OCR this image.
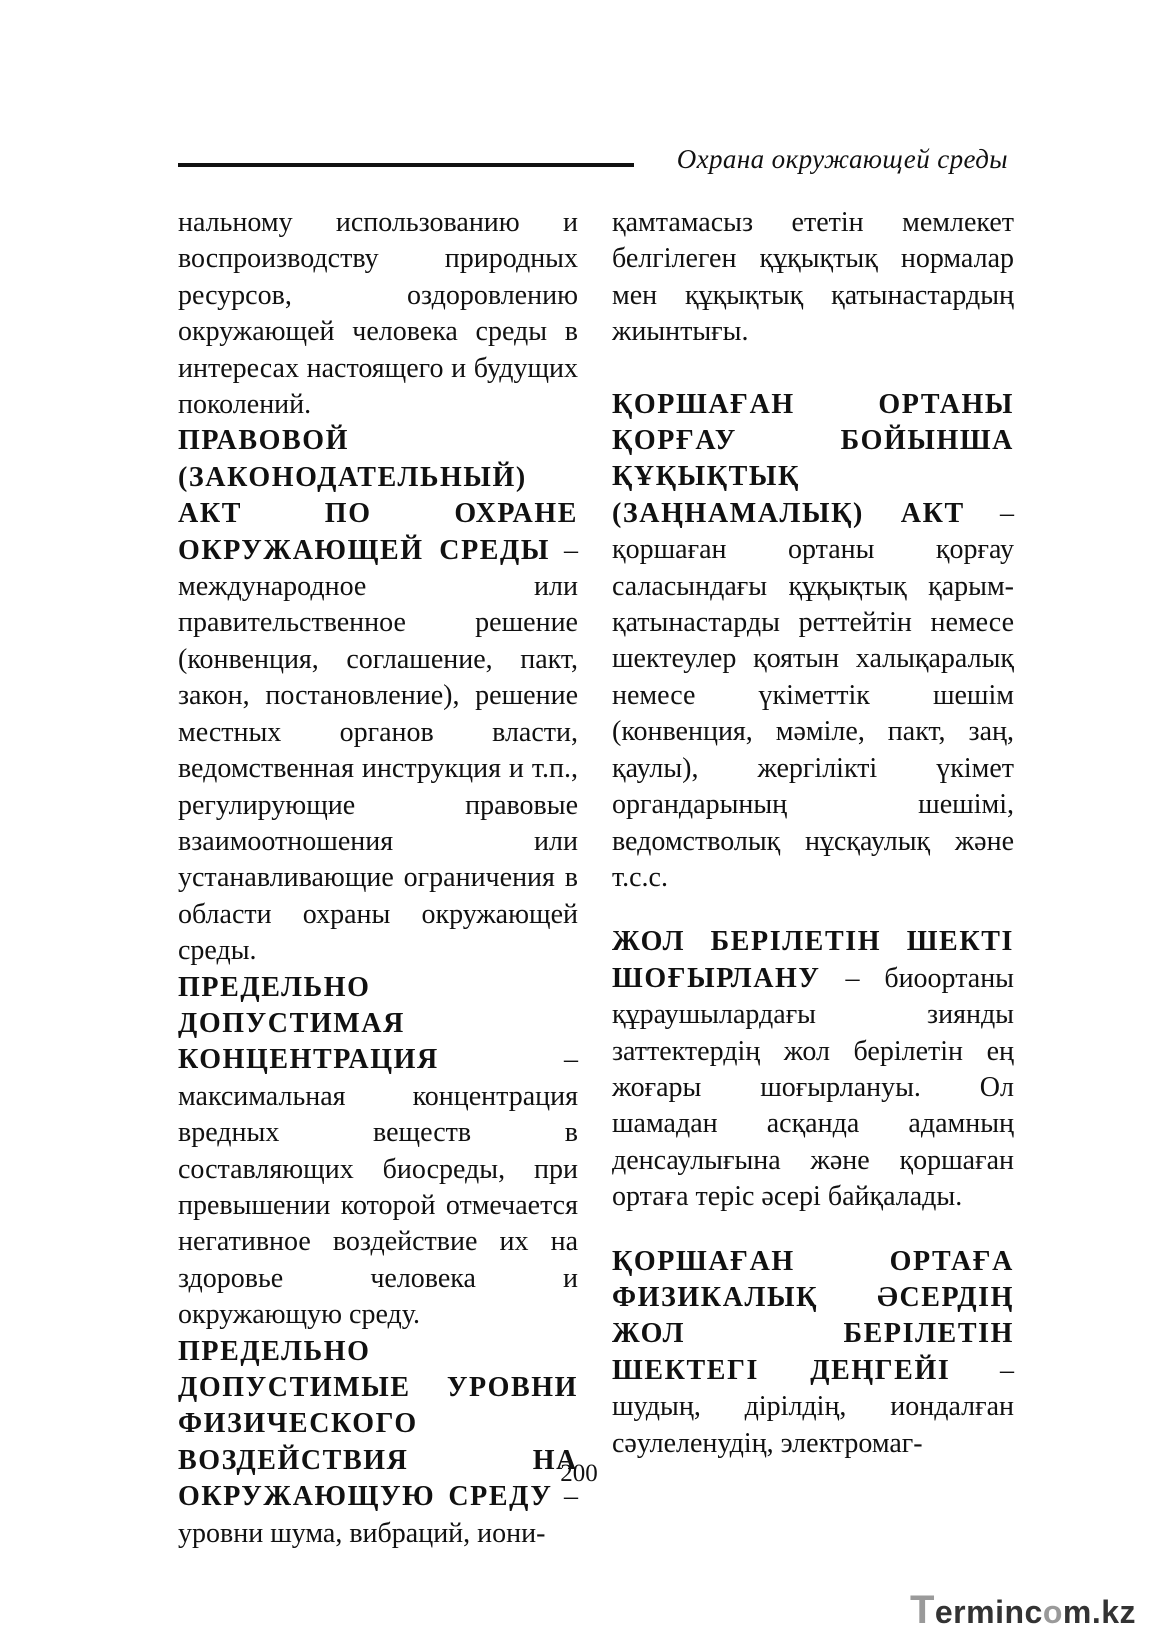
Охрана окружающей среды

нальному использованию и воспроизводству природных ресурсов, оздоровлению окружающей человека среды в интересах настоящего и будущих поколений.

ПРАВОВОЙ (ЗАКОНОДАТЕЛЬНЫЙ) АКТ ПО ОХРАНЕ ОКРУЖАЮЩЕЙ СРЕДЫ – международное или правительственное решение (конвенция, соглашение, пакт, закон, постановление), решение местных органов власти, ведомственная инструкция и т.п., регулирующие правовые взаимоотношения или устанавливающие ограничения в области охраны окружающей среды.

ПРЕДЕЛЬНО ДОПУСТИМАЯ КОНЦЕНТРАЦИЯ – максимальная концентрация вредных веществ в составляющих биосреды, при превышении которой отмечается негативное воздействие их на здоровье человека и окружающую среду.

ПРЕДЕЛЬНО ДОПУСТИМЫЕ УРОВНИ ФИЗИЧЕСКОГО ВОЗДЕЙСТВИЯ НА ОКРУЖАЮЩУЮ СРЕДУ – уровни шума, вибраций, иони-

қамтамасыз ететін мемлекет белгілеген құқықтық нормалар мен құқықтық қатынастардың жиынтығы.

ҚОРШАҒАН ОРТАНЫ ҚОРҒАУ БОЙЫНША ҚҰҚЫҚТЫҚ (ЗАҢНАМАЛЫҚ) АКТ – қоршаған ортаны қорғау саласындағы құқықтық қарым-қатынастарды реттейтін немесе шектеулер қоятын халықаралық немесе үкіметтік шешім (конвенция, мәміле, пакт, заң, қаулы), жергілікті үкімет органдарының шешімі, ведомстволық нұсқаулық және т.с.с.

ЖОЛ БЕРІЛЕТІН ШЕКТІ ШОҒЫРЛАНУ – биоортаны құраушылардағы зиянды заттектердің жол берілетін ең жоғары шоғырлануы. Ол шамадан асқанда адамның денсаулығына және қоршаған ортаға теріс әсері байқалады.

ҚОРШАҒАН ОРТАҒА ФИЗИКАЛЫҚ ӘСЕРДІҢ ЖОЛ БЕРІЛЕТІН ШЕКТЕГІ ДЕҢГЕЙІ – шудың, дірілдің, иондалған сәулеленудің, электромаг-

200
Termincom.kz
